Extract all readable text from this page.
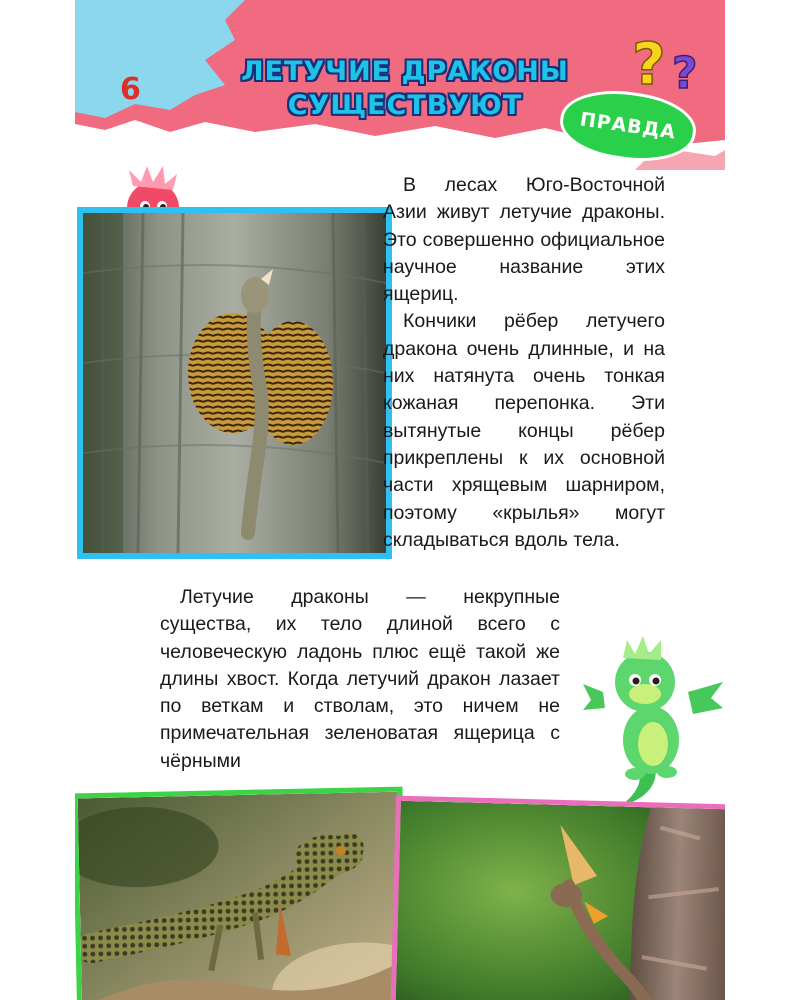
6
ЛЕТУЧИЕ ДРАКОНЫ
СУЩЕСТВУЮТ
? ?
ПРАВДА

В лесах Юго-Восточной Азии живут летучие драконы. Это совершенно официальное научное название этих ящериц.

Кончики рёбер летучего дракона очень длинные, и на них натянута очень тонкая кожаная перепонка. Эти вытянутые концы рёбер прикреплены к их основной части хрящевым шарниром, поэтому «крылья» могут складываться вдоль тела.

Летучие драконы — некрупные существа, их тело длиной всего с человеческую ладонь плюс ещё такой же длины хвост. Когда летучий дракон лазает по веткам и стволам, это ничем не примечательная зеленоватая ящерица с чёрными
